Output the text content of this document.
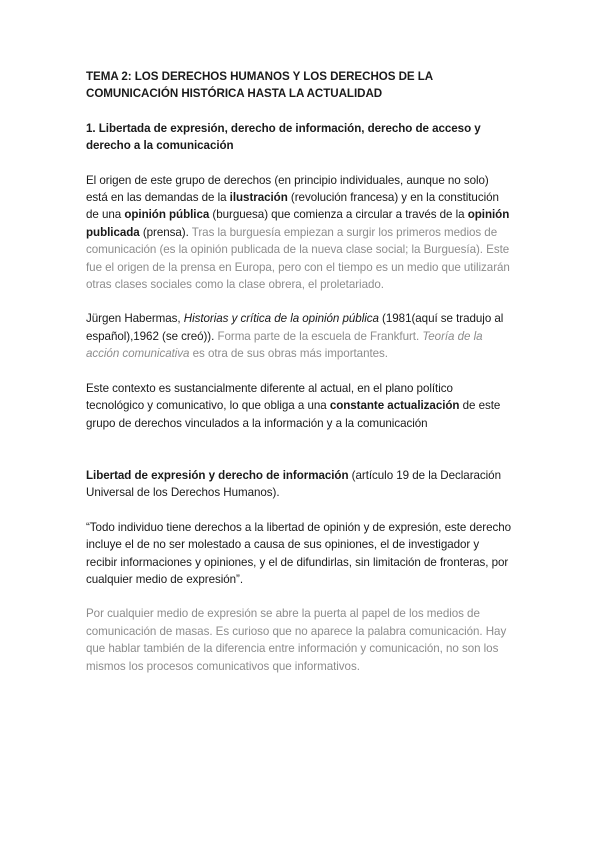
TEMA 2: LOS DERECHOS HUMANOS Y LOS DERECHOS DE LA COMUNICACIÓN HISTÓRICA HASTA LA ACTUALIDAD

1. Libertada de expresión, derecho de información, derecho de acceso y derecho a la comunicación

El origen de este grupo de derechos (en principio individuales, aunque no solo) está en las demandas de la ilustración (revolución francesa) y en la constitución de una opinión pública (burguesa) que comienza a circular a través de la opinión publicada (prensa). Tras la burguesía empiezan a surgir los primeros medios de comunicación (es la opinión publicada de la nueva clase social; la Burguesía). Este fue el origen de la prensa en Europa, pero con el tiempo es un medio que utilizarán otras clases sociales como la clase obrera, el proletariado.

Jürgen Habermas, Historias y crítica de la opinión pública (1981(aquí se tradujo al español),1962 (se creó)). Forma parte de la escuela de Frankfurt. Teoría de la acción comunicativa es otra de sus obras más importantes.

Este contexto es sustancialmente diferente al actual, en el plano político tecnológico y comunicativo, lo que obliga a una constante actualización de este grupo de derechos vinculados a la información y a la comunicación

Libertad de expresión y derecho de información (artículo 19 de la Declaración Universal de los Derechos Humanos).

“Todo individuo tiene derechos a la libertad de opinión y de expresión, este derecho incluye el de no ser molestado a causa de sus opiniones, el de investigador y recibir informaciones y opiniones, y el de difundirlas, sin limitación de fronteras, por cualquier medio de expresión”.

Por cualquier medio de expresión se abre la puerta al papel de los medios de comunicación de masas. Es curioso que no aparece la palabra comunicación. Hay que hablar también de la diferencia entre información y comunicación, no son los mismos los procesos comunicativos que informativos.
